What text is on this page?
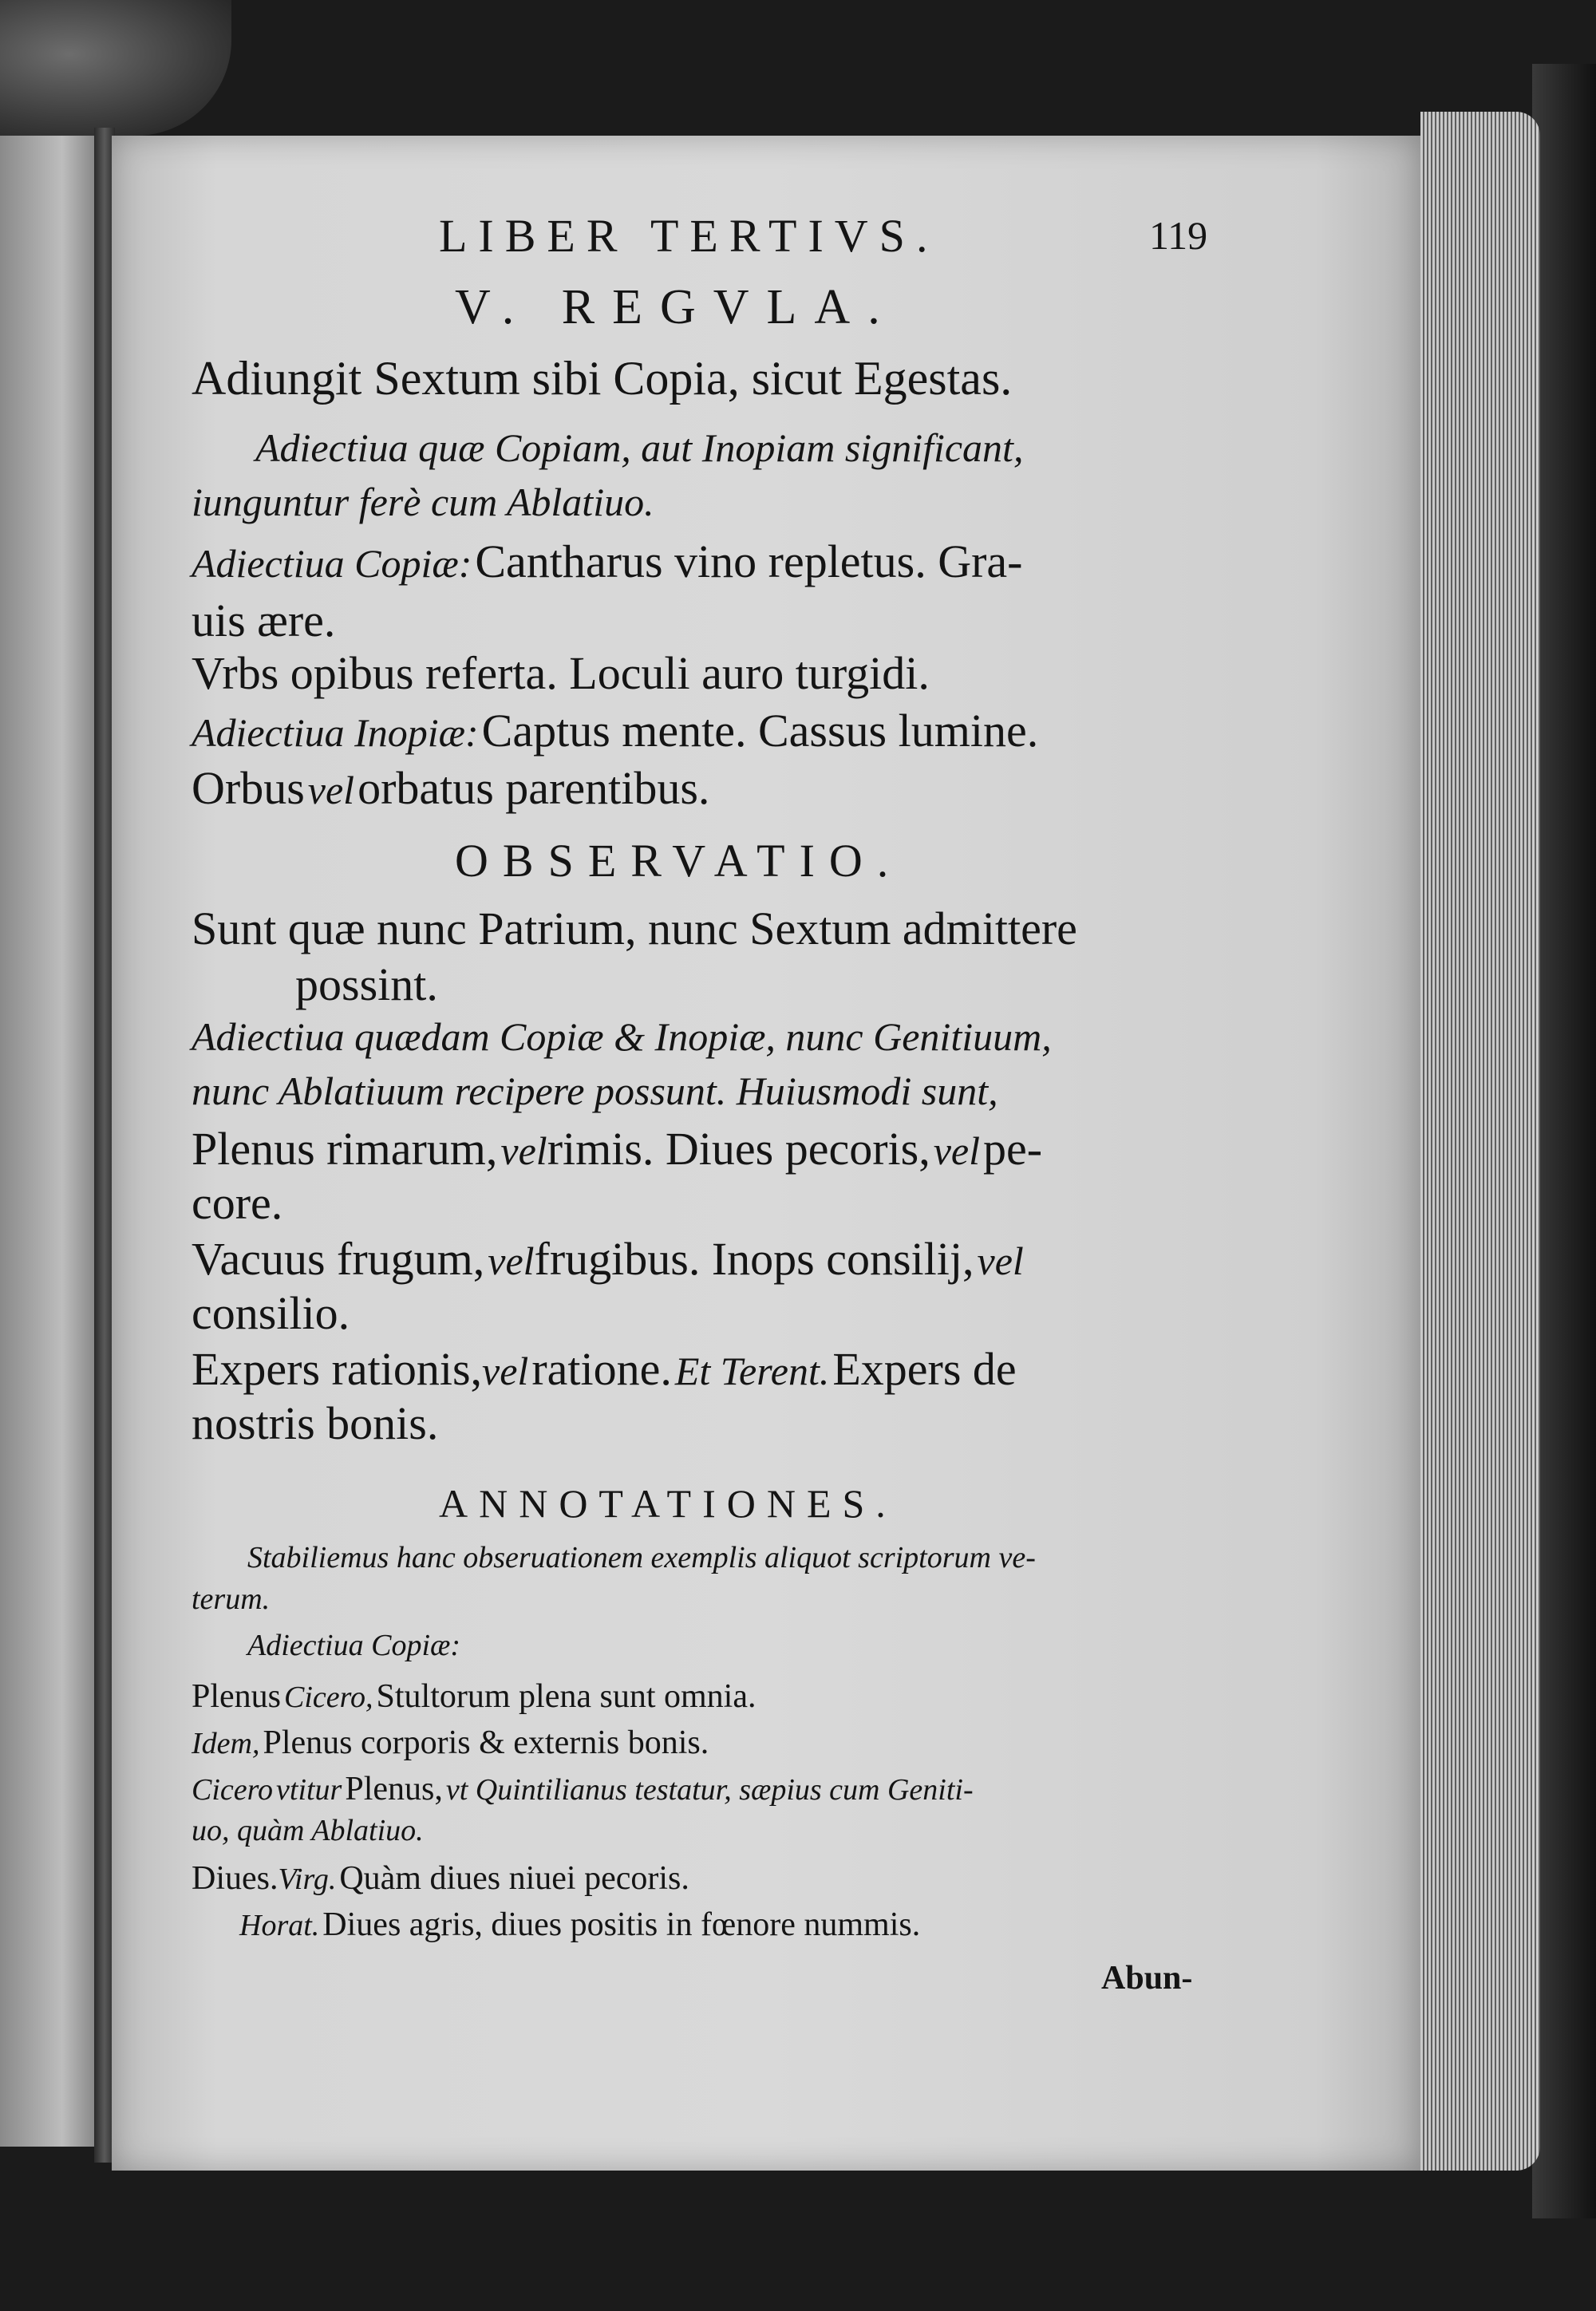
LIBER TERTIVS.	119
V. REGVLA.
Adiungit Sextum sibi Copia, sicut Egestas.
Adiectiua quæ Copiam, aut Inopiam significant,
iunguntur ferè cum Ablatiuo.
Adiectiua Copiæ: Cantharus vino repletus. Gra-
uis ære.
Vrbs opibus referta. Loculi auro turgidi.
Adiectiua Inopiæ: Captus mente. Cassus lumine.
Orbus vel orbatus parentibus.
OBSERVATIO.
Sunt quæ nunc Patrium, nunc Sextum admittere
possint.
Adiectiua quædam Copiæ & Inopiæ, nunc Genitiuum,
nunc Ablatiuum recipere possunt. Huiusmodi sunt,
Plenus rimarum, velrimis. Diues pecoris, vel pe-
core.
Vacuus frugum, velfrugibus. Inops consilij, vel
consilio.
Expers rationis,vel ratione. Et Terent. Expers de
nostris bonis.
ANNOTATIONES.
Stabiliemus hanc obseruationem exemplis aliquot scriptorum ve-
terum.
Adiectiua Copiæ:
Plenus Cicero, Stultorum plena sunt omnia.
Idem, Plenus corporis & externis bonis.
Cicero vtitur Plenus, vt Quintilianus testatur, sæpius cum Geniti-
uo, quàm Ablatiuo.
Diues.Virg. Quàm diues niuei pecoris.
Horat. Diues agris, diues positis in fœnore nummis.
Abun-
